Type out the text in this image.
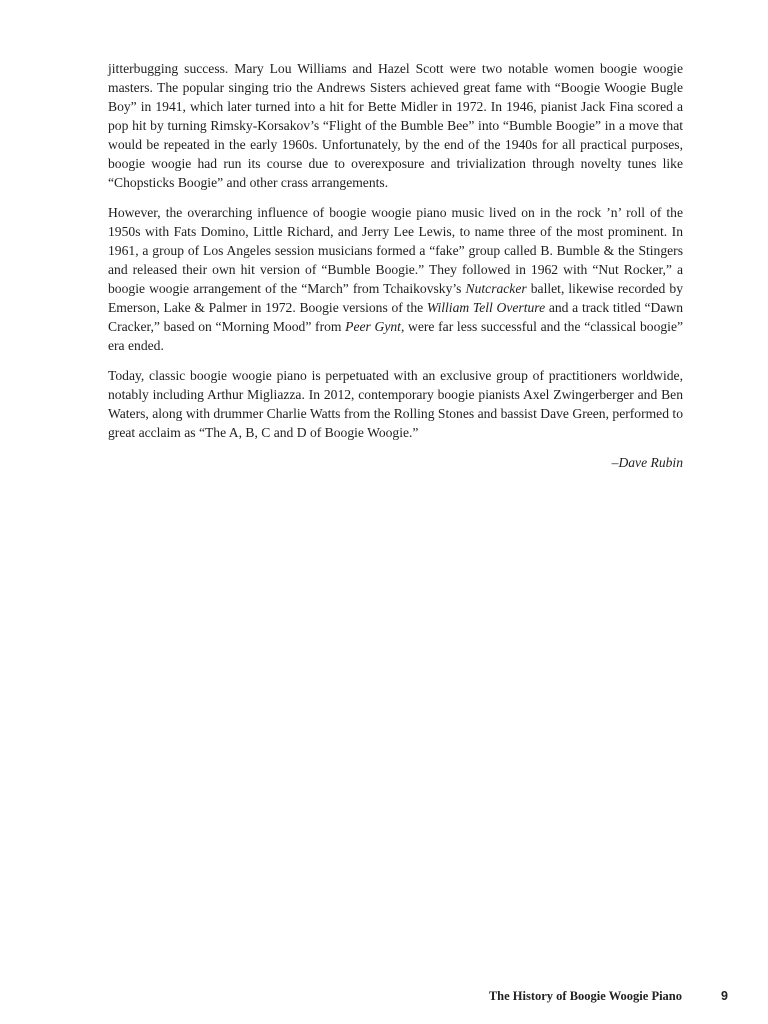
jitterbugging success. Mary Lou Williams and Hazel Scott were two notable women boogie woogie masters. The popular singing trio the Andrews Sisters achieved great fame with “Boogie Woogie Bugle Boy” in 1941, which later turned into a hit for Bette Midler in 1972. In 1946, pianist Jack Fina scored a pop hit by turning Rimsky-Korsakov’s “Flight of the Bumble Bee” into “Bumble Boogie” in a move that would be repeated in the early 1960s. Unfortunately, by the end of the 1940s for all practical purposes, boogie woogie had run its course due to overexposure and trivialization through novelty tunes like “Chopsticks Boogie” and other crass arrangements.

However, the overarching influence of boogie woogie piano music lived on in the rock ’n’ roll of the 1950s with Fats Domino, Little Richard, and Jerry Lee Lewis, to name three of the most prominent. In 1961, a group of Los Angeles session musicians formed a “fake” group called B. Bumble & the Stingers and released their own hit version of “Bumble Boogie.” They followed in 1962 with “Nut Rocker,” a boogie woogie arrangement of the “March” from Tchaikovsky’s Nutcracker ballet, likewise recorded by Emerson, Lake & Palmer in 1972. Boogie versions of the William Tell Overture and a track titled “Dawn Cracker,” based on “Morning Mood” from Peer Gynt, were far less successful and the “classical boogie” era ended.

Today, classic boogie woogie piano is perpetuated with an exclusive group of practitioners worldwide, notably including Arthur Migliazza. In 2012, contemporary boogie pianists Axel Zwingerberger and Ben Waters, along with drummer Charlie Watts from the Rolling Stones and bassist Dave Green, performed to great acclaim as “The A, B, C and D of Boogie Woogie.”

–Dave Rubin

The History of Boogie Woogie Piano	9
